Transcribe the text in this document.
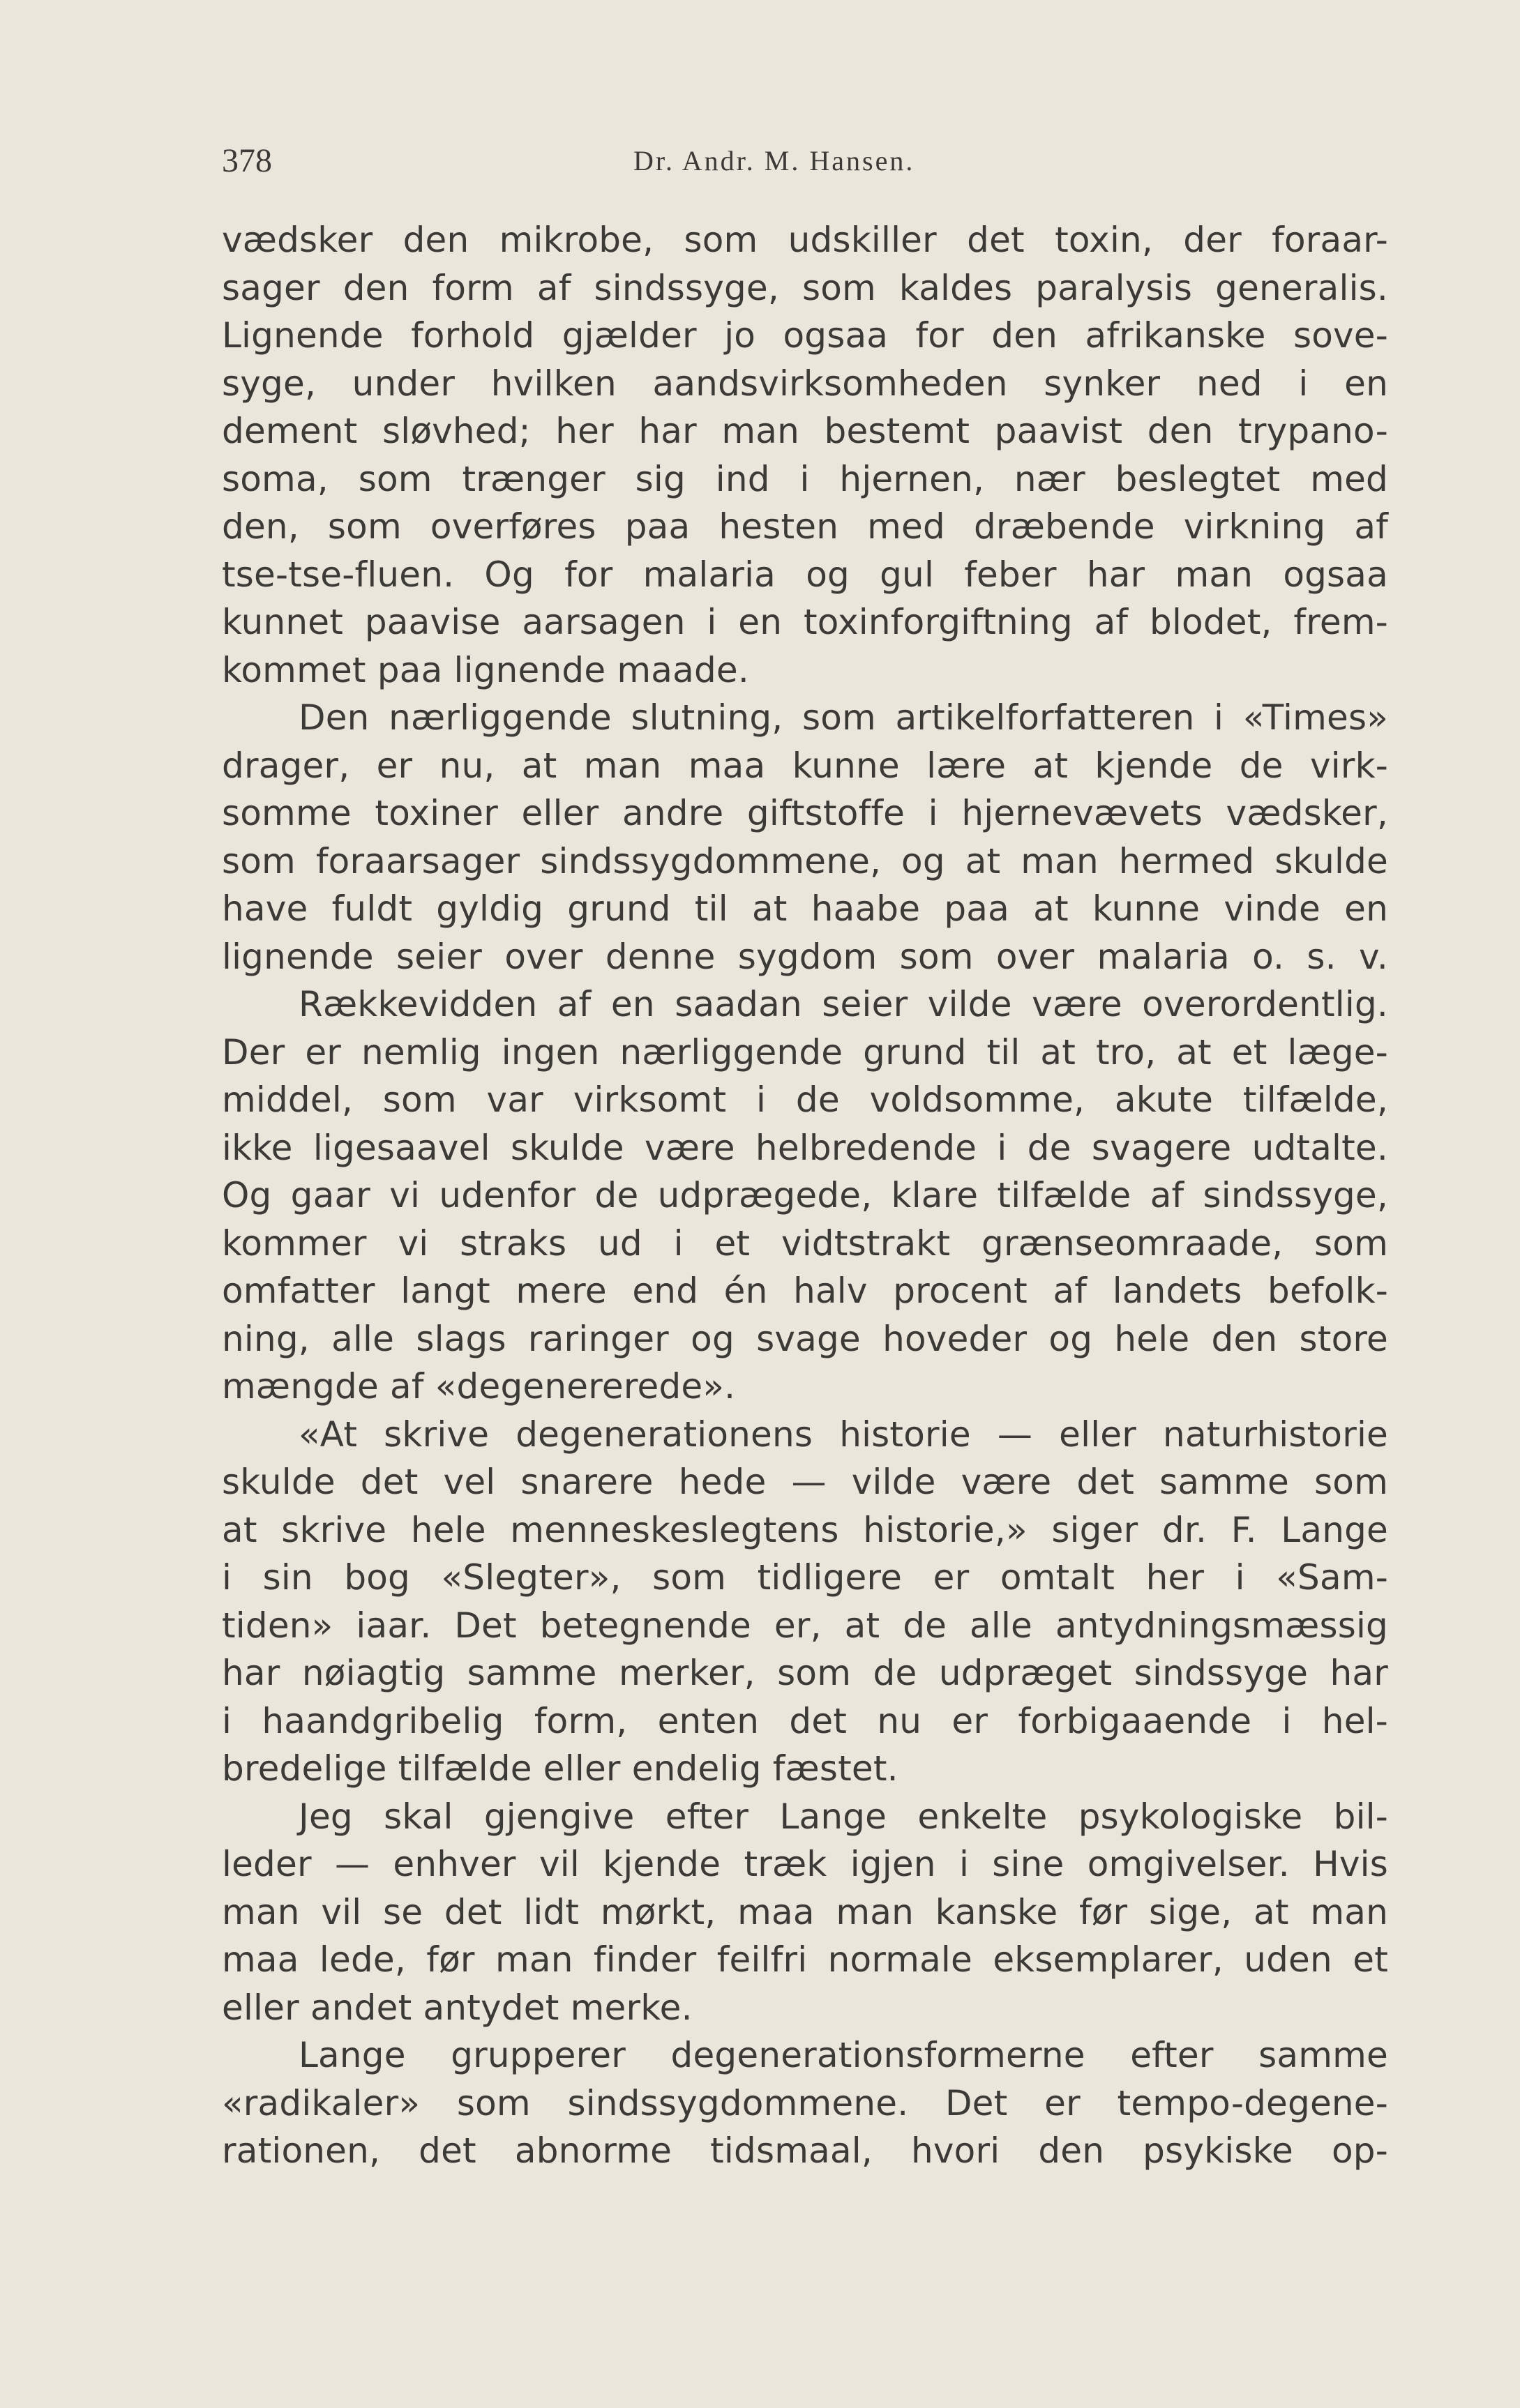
378	Dr. Andr. M. Hansen.
vædsker den mikrobe, som udskiller det toxin, der foraar-
sager den form af sindssyge, som kaldes paralysis generalis.
Lignende forhold gjælder jo ogsaa for den afrikanske sove-
syge, under hvilken aandsvirksomheden synker ned i en
dement sløvhed; her har man bestemt paavist den trypano-
soma, som trænger sig ind i hjernen, nær beslegtet med
den, som overføres paa hesten med dræbende virkning af
tse-tse-fluen. Og for malaria og gul feber har man ogsaa
kunnet paavise aarsagen i en toxinforgiftning af blodet, frem-
kommet paa lignende maade.
Den nærliggende slutning, som artikelforfatteren i «Times»
drager, er nu, at man maa kunne lære at kjende de virk-
somme toxiner eller andre giftstoffe i hjernevævets vædsker,
som foraarsager sindssygdommene, og at man hermed skulde
have fuldt gyldig grund til at haabe paa at kunne vinde en
lignende seier over denne sygdom som over malaria o. s. v.
Rækkevidden af en saadan seier vilde være overordentlig.
Der er nemlig ingen nærliggende grund til at tro, at et læge-
middel, som var virksomt i de voldsomme, akute tilfælde,
ikke ligesaavel skulde være helbredende i de svagere udtalte.
Og gaar vi udenfor de udprægede, klare tilfælde af sindssyge,
kommer vi straks ud i et vidtstrakt grænseomraade, som
omfatter langt mere end én halv procent af landets befolk-
ning, alle slags raringer og svage hoveder og hele den store
mængde af «degenererede».
«At skrive degenerationens historie — eller naturhistorie
skulde det vel snarere hede — vilde være det samme som
at skrive hele menneskeslegtens historie,» siger dr. F. Lange
i sin bog «Slegter», som tidligere er omtalt her i «Sam-
tiden» iaar. Det betegnende er, at de alle antydningsmæssig
har nøiagtig samme merker, som de udpræget sindssyge har
i haandgribelig form, enten det nu er forbigaaende i hel-
bredelige tilfælde eller endelig fæstet.
Jeg skal gjengive efter Lange enkelte psykologiske bil-
leder — enhver vil kjende træk igjen i sine omgivelser. Hvis
man vil se det lidt mørkt, maa man kanske før sige, at man
maa lede, før man finder feilfri normale eksemplarer, uden et
eller andet antydet merke.
Lange grupperer degenerationsformerne efter samme
«radikaler» som sindssygdommene. Det er tempo-degene-
rationen, det abnorme tidsmaal, hvori den psykiske op-
